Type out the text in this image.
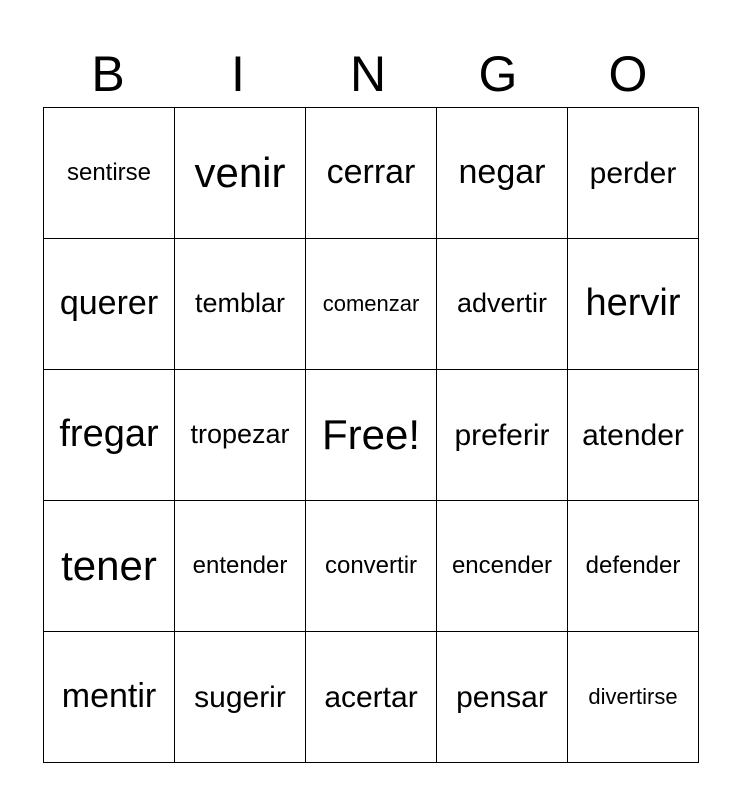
B	I	N	G	O
sentirse	venir	cerrar	negar	perder
querer	temblar	comenzar	advertir	hervir
fregar	tropezar	Free!	preferir	atender
tener	entender	convertir	encender	defender
mentir	sugerir	acertar	pensar	divertirse
